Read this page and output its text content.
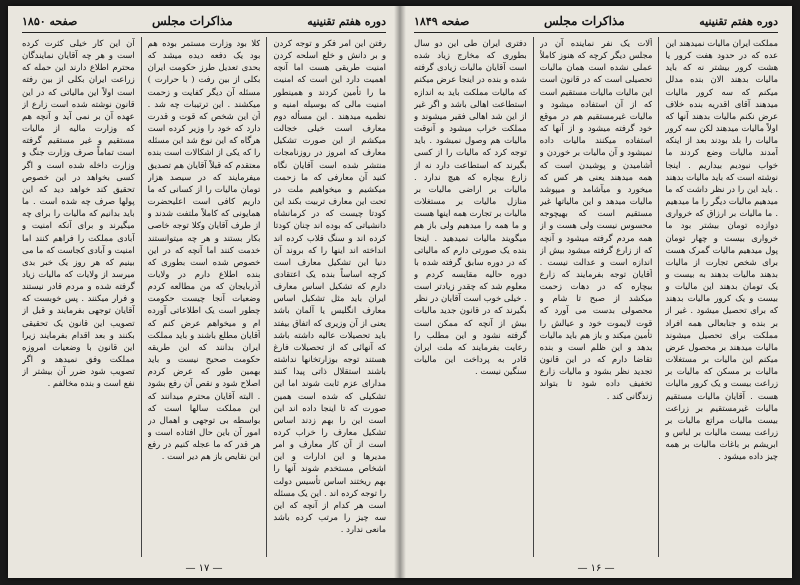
دوره هفتم تقنینیه
مذاکرات مجلس
صفحه ۱۸۵۰
رفتن این امر فکر و توجه کردن و بر دانش و خلع اسلحه کردن امنیت طریقی هست اما آنچه اهمیت دارد این است که امنیت ما را تأمین کردند و همینطور امنیت مالی که بوسیله امنیه و نظمیه میدهند . این مسأله دوم معارف است خیلی خجالت میکشم از این صورت تشکیل معارف که امروز در روزنامجات منتشر شده است آقایان نگاه کنید آن معارفی که ما زحمت میکشیم و میخواهیم ملت در تحت این معارف تربیت بکند این کودتا چیست که در کرمانشاه دانشیاتی که بوده اند چنان کودتا کرده اند و سنگ قلاب کرده اند انداخته اند اینها را که بروند آن دنیا این تشکیل معارف است کرچه اساساً بنده یک اعتقادی دارم که تشکیل اساس معارف ایران باید مثل تشکیل اساس معارف انگلیس یا آلمان باشد یعنی از آن وزیری که اتفاق بیفتد باید تحصیلات عالیه داشته باشد که آنهائی که از تحصیلات فارغ هستند توجه بوزارتخانها نداشته باشند استقلال ذاتی پیدا کنند مدارای عزم ثابت شوند اما این تشکیلی که شده است همین صورت که تا اینجا داده اند این است این را بهم زدند اساس تشکیل معارف را خراب کرده است از آن کار معارف و امر مدیرها و این ادارات و این اشخاص مستخدم شوند آنها را بهم ریختند اساس تأسیس دولت را توجه کرده اند . این یک مسئله است هر کدام از آنچه که این سه چیز را مرتب کرده باشد مانعی ندارد .
کلا بود وزارت مستمر بوده هم بود یک دفعه دیده میشد که بحدی تعدیل طرز حکومت ایران بکلی از بین رفت ( با حرارت ) مسئله آن دیگر کفایت و زحمت میکشند . این ترتیبات چه شد . آن این شخص که قوت و قدرت دارد که خود را وزیر کرده است هرگاه که این نوع شد این مسئله را که یکی از اشکالات است بنده معتقدم که قبلاً آقایان هم تصدیق میفرمایند که در سیصد هزار تومان مالیات را از کسانی که ما داریم کافی است اعلیحضرت همایونی که کاملاً ملتفت شدند و از طرف آقایان وکلا توجه خاصی بکار بستند و هر چه میتوانستند خدمت کنند اما آنچه که در این خصوص شده است بطوری که بنده اطلاع دارم در ولایات آذربایجان که من مطالعه کردم وضعیات آنجا چیست حکومت چطور است یک اطلاعاتی آورده ام و میخواهم عرض کنم که آقایان مطلع باشند و باید مملکت ایران بدانند که این طریقه حکومت صحیح نیست و باید بهمین طور که عرض کردم اصلاح شود و نقص آن رفع بشود . البته آقایان محترم میدانند که این مملکت سالها است که بواسطه بی توجهی و اهمال در امور آن باین حال افتاده است و هر قدر که ما عجله کنیم در رفع این نقایص باز هم دیر است .
آن این کار خیلی کثرت کرده است و هر چه آقایان نمایندگان محترم اطلاع دارند این حمله که زراعت ایران بکلی از بین رفته است اولاً این مالیاتی که در این قانون نوشته شده است زارع از عهده آن بر نمی آید و آنچه هم که وزارت مالیه از مالیات مستقیم و غیر مستقیم گرفته است تماماً صرف وزارت جنگ و وزارت داخله شده است و اگر کسی بخواهد در این خصوص تحقیق کند خواهد دید که این پولها صرف چه شده است . ما باید بدانیم که مالیات را برای چه میگیرند و برای آنکه امنیت و آبادی مملکت را فراهم کنند اما امنیت و آبادی کجاست که ما می بینیم که هر روز یک خبر بدی میرسد از ولایات که مالیات زیاد گرفته شده و مردم قادر نیستند و فرار میکنند . پس خوبست که آقایان توجهی بفرمایند و قبل از تصویب این قانون یک تحقیقی بکنند و بعد اقدام بفرمایند زیرا این قانون با وضعیات امروزه مملکت وفق نمیدهد و اگر تصویب شود ضرر آن بیشتر از نفع است و بنده مخالفم .
— ۱۷ —
دوره هفتم تقنینیه
مذاکرات مجلس
صفحه ۱۸۴۹
مملکت ایران مالیات نمیدهند این عده که در حدود هفت کرور یا هشت کرور بیشتر نه که باید مالیات بدهند الان بنده مدلل میکنم که سه کرور مالیات میدهند آقای اقدریه بنده خلاف عرض نکنم مالیات بدهند آنها که اولاً مالیات میدهند لکن سه کرور مالیات را بلد بودند بعد از اینکه آمدند مالیات وضع کردند ما خواب نبودیم بیداریم . اینجا نوشته است که باید مالیات بدهند . باید این را در نظر داشت که ما میدهیم مالیات دیگر را ما میدهیم . ما مالیات بر ارزاق که خرواری دوازده تومان بیشتر بود ما خرواری بیست و چهار تومان پول میدهیم مالیات گمرک هست برای شخص تجارت از مالیات بدهند مالیات بدهند به بیست و یک تومان بدهند این مالیات و بیست و یک کرور مالیات بدهند که برای تحصیل میشود . غیر از بر بنده و جنابعالی همه افراد مملکت برای تحصیل میشوند مالیات میدهند بر محصول عرض میکنم این مالیات بر مستغلات مالیات بر مسکن که مالیات بر زراعت بیست و یک کرور مالیات هست . آقایان مالیات مستقیم مالیات غیرمستقیم بر زراعت بیست مالیات مراتع مالیات بر زراعت بیست مالیات بر لباس و ابریشم بر باغات مالیات بر همه چیز داده میشود .
آلات یک نفر نماینده آن در مجلس دیگر کرچه که هنوز کاملاً عملی نشده است همان مالیات تحصیلی است که در قانون است این مالیات مالیات مستقیم است که از آن استفاده میشود و مالیات غیرمستقیم هم در موقع خود گرفته میشود و از آنها که استفاده میکنند مالیات داده نمیشود و آن مالیات بر خوردن و آشامیدن و پوشیدن است که همه میدهند یعنی هر کس که میخورد و میآشامد و میپوشد مالیات میدهد و این مالیاتها غیر مستقیم است که بهیچوجه محسوس نیست ولی هست و از همه مردم گرفته میشود و آنچه که از زارع گرفته میشود بیش از اندازه است و عدالت نیست . آقایان توجه بفرمایند که زارع بیچاره که در دهات زحمت میکشد از صبح تا شام و محصولی بدست می آورد که قوت لایموت خود و عیالش را تأمین میکند و باز هم باید مالیات بدهد و این ظلم است و بنده تقاضا دارم که در این قانون تجدید نظر بشود و مالیات زارع تخفیف داده شود تا بتواند زندگانی کند .
دفتری ایران طی این دو سال بطوری که مخارج زیاد شده است آقایان مالیات زیادی گرفته شده و بنده در اینجا عرض میکنم که مالیات مملکت باید به اندازه استطاعت اهالی باشد و اگر غیر از این شد اهالی فقیر میشوند و مملکت خراب میشود و آنوقت مالیات هم وصول نمیشود . باید توجه کرد که مالیات را از کسی بگیرند که استطاعت دارد نه از زارع بیچاره که هیچ ندارد . مالیات بر اراضی مالیات بر منازل مالیات بر مستغلات مالیات بر تجارت همه اینها هست و ما همه را میدهیم ولی باز هم میگویند مالیات نمیدهید . اینجا بنده یک صورتی دارم که مالیاتی که در دوره سابق گرفته شده با دوره حالیه مقایسه کردم و معلوم شد که چقدر زیادتر است . خیلی خوب است آقایان در نظر بگیرند که در قانون جدید مالیات بیش از آنچه که ممکن است گرفته نشود و این مطلب را رعایت بفرمایند که ملت ایران قادر به پرداخت این مالیات سنگین نیست .
— ۱۶ —
